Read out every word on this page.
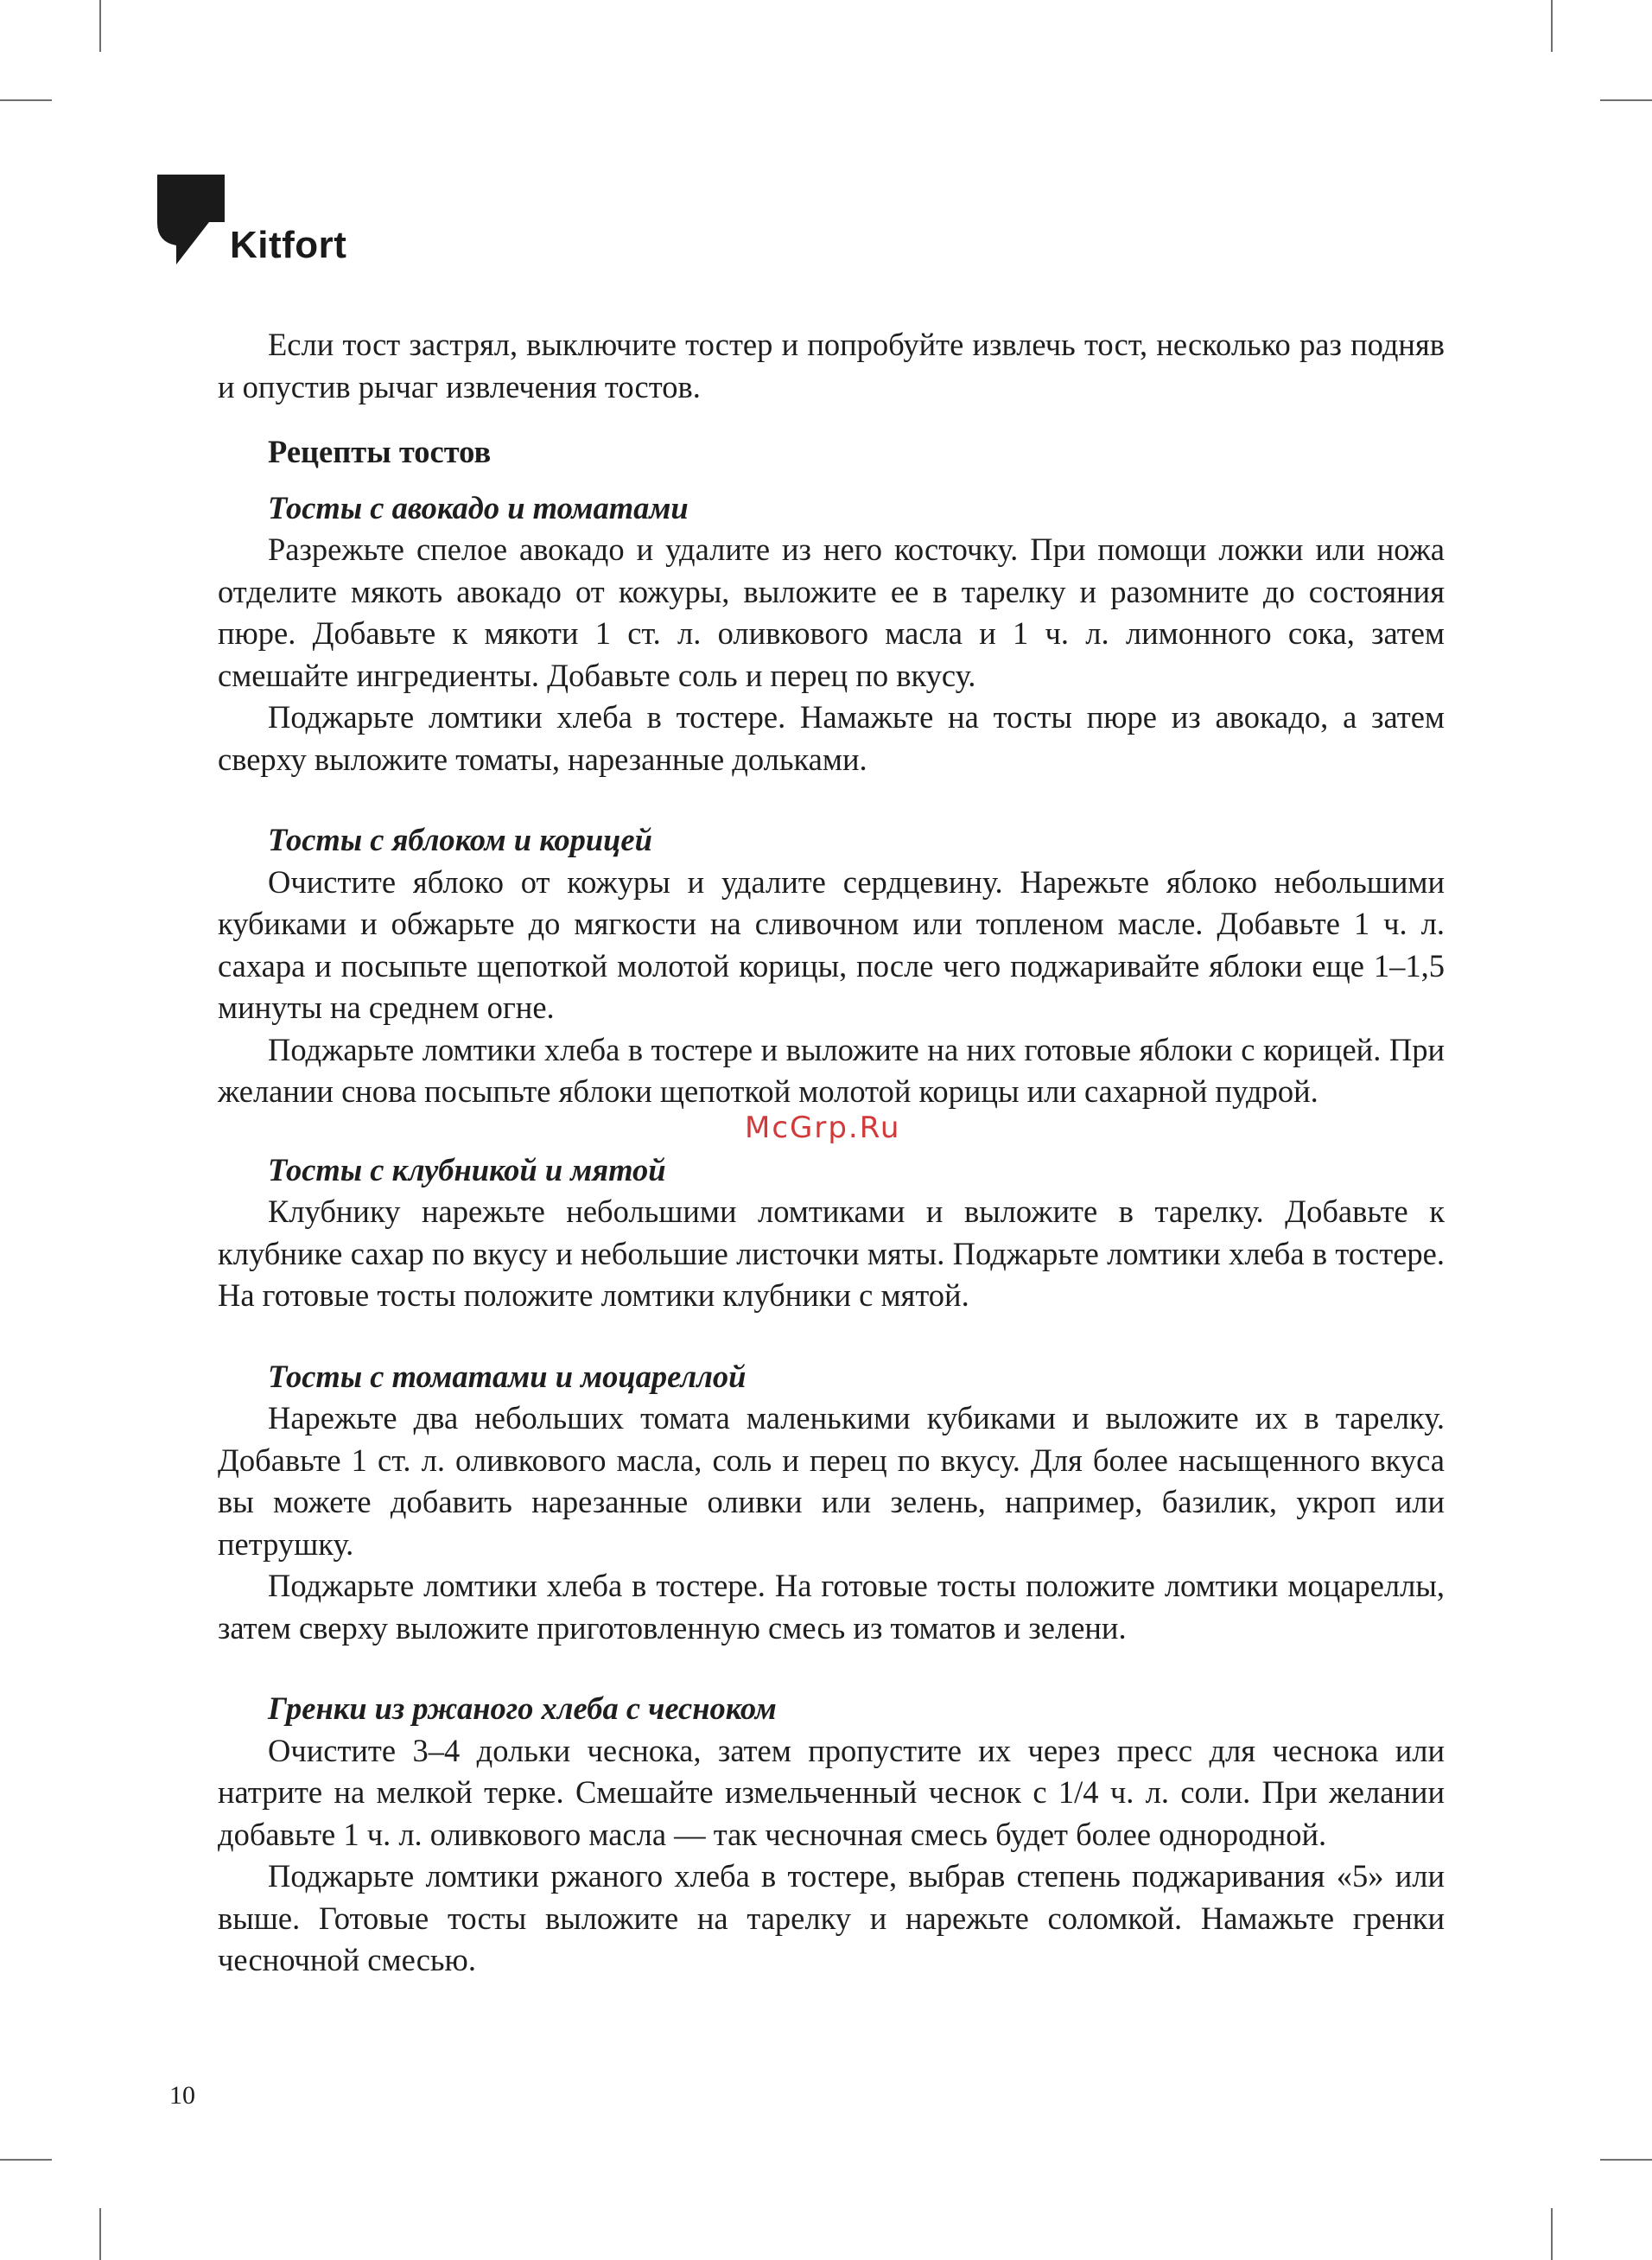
Kitfort

Если тост застрял, выключите тостер и попробуйте извлечь тост, несколько раз подняв и опустив рычаг извлечения тостов.

Рецепты тостов
Тосты с авокадо и томатами

Разрежьте спелое авокадо и удалите из него косточку. При помощи ложки или ножа отделите мякоть авокадо от кожуры, выложите ее в тарелку и разомните до состояния пюре. Добавьте к мякоти 1 ст. л. оливкового масла и 1 ч. л. лимонного сока, затем смешайте ингредиенты. Добавьте соль и перец по вкусу.

Поджарьте ломтики хлеба в тостере. Намажьте на тосты пюре из авокадо, а затем сверху выложите томаты, нарезанные дольками.

Тосты с яблоком и корицей

Очистите яблоко от кожуры и удалите сердцевину. Нарежьте яблоко небольшими кубиками и обжарьте до мягкости на сливочном или топленом масле. Добавьте 1 ч. л. сахара и посыпьте щепоткой молотой корицы, после чего поджаривайте яблоки еще 1–1,5 минуты на среднем огне.

Поджарьте ломтики хлеба в тостере и выложите на них готовые яблоки с корицей. При желании снова посыпьте яблоки щепоткой молотой корицы или сахарной пудрой.

Тосты с клубникой и мятой

Клубнику нарежьте небольшими ломтиками и выложите в тарелку. Добавьте к клубнике сахар по вкусу и небольшие листочки мяты. Поджарьте ломтики хлеба в тостере. На готовые тосты положите ломтики клубники с мятой.

Тосты с томатами и моцареллой

Нарежьте два небольших томата маленькими кубиками и выложите их в тарелку. Добавьте 1 ст. л. оливкового масла, соль и перец по вкусу. Для более насыщенного вкуса вы можете добавить нарезанные оливки или зелень, например, базилик, укроп или петрушку.

Поджарьте ломтики хлеба в тостере. На готовые тосты положите ломтики моцареллы, затем сверху выложите приготовленную смесь из томатов и зелени.

Гренки из ржаного хлеба с чесноком

Очистите 3–4 дольки чеснока, затем пропустите их через пресс для чеснока или натрите на мелкой терке. Смешайте измельченный чеснок с 1/4 ч. л. соли. При желании добавьте 1 ч. л. оливкового масла — так чесночная смесь будет более однородной.

Поджарьте ломтики ржаного хлеба в тостере, выбрав степень поджаривания «5» или выше. Готовые тосты выложите на тарелку и нарежьте соломкой. Намажьте гренки чесночной смесью.

McGrp.Ru
10
